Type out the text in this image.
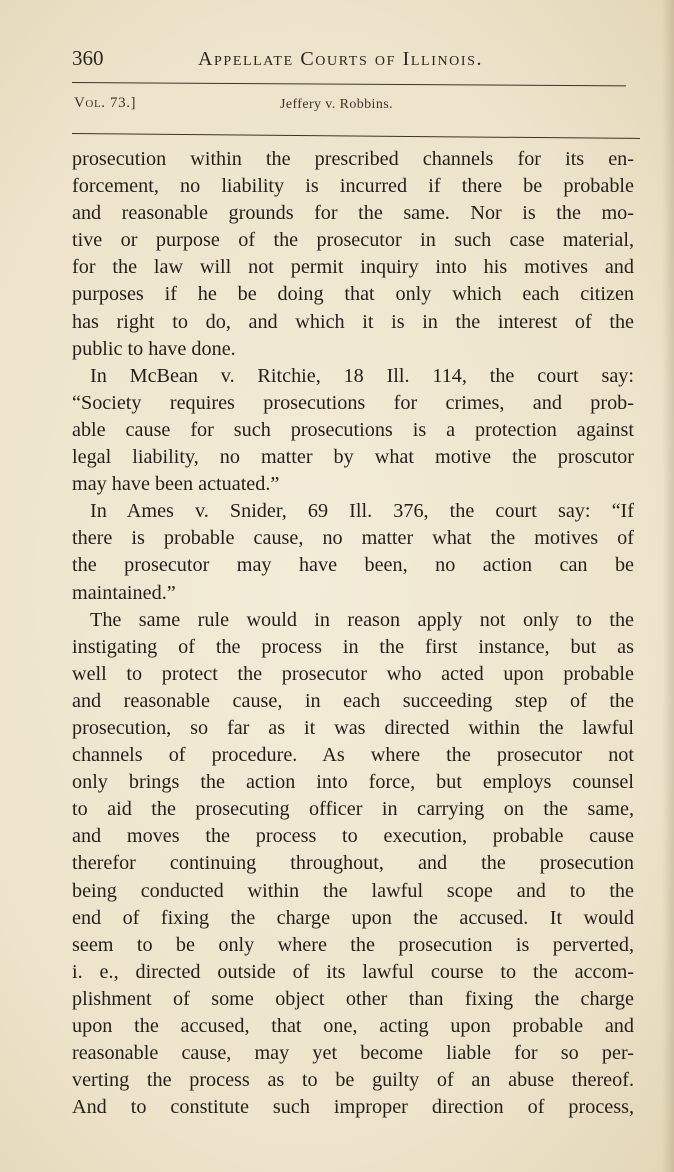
360	Appellate Courts of Illinois.
Vol. 73.]	Jeffery v. Robbins.
prosecution within the prescribed channels for its en-
forcement, no liability is incurred if there be probable
and reasonable grounds for the same. Nor is the mo-
tive or purpose of the prosecutor in such case material,
for the law will not permit inquiry into his motives and
purposes if he be doing that only which each citizen
has right to do, and which it is in the interest of the
public to have done.
In McBean v. Ritchie, 18 Ill. 114, the court say:
“Society requires prosecutions for crimes, and prob-
able cause for such prosecutions is a protection against
legal liability, no matter by what motive the proscutor
may have been actuated.”
In Ames v. Snider, 69 Ill. 376, the court say: “If
there is probable cause, no matter what the motives of
the prosecutor may have been, no action can be
maintained.”
The same rule would in reason apply not only to the
instigating of the process in the first instance, but as
well to protect the prosecutor who acted upon probable
and reasonable cause, in each succeeding step of the
prosecution, so far as it was directed within the lawful
channels of procedure. As where the prosecutor not
only brings the action into force, but employs counsel
to aid the prosecuting officer in carrying on the same,
and moves the process to execution, probable cause
therefor continuing throughout, and the prosecution
being conducted within the lawful scope and to the
end of fixing the charge upon the accused. It would
seem to be only where the prosecution is perverted,
i. e., directed outside of its lawful course to the accom-
plishment of some object other than fixing the charge
upon the accused, that one, acting upon probable and
reasonable cause, may yet become liable for so per-
verting the process as to be guilty of an abuse thereof.
And to constitute such improper direction of process,
